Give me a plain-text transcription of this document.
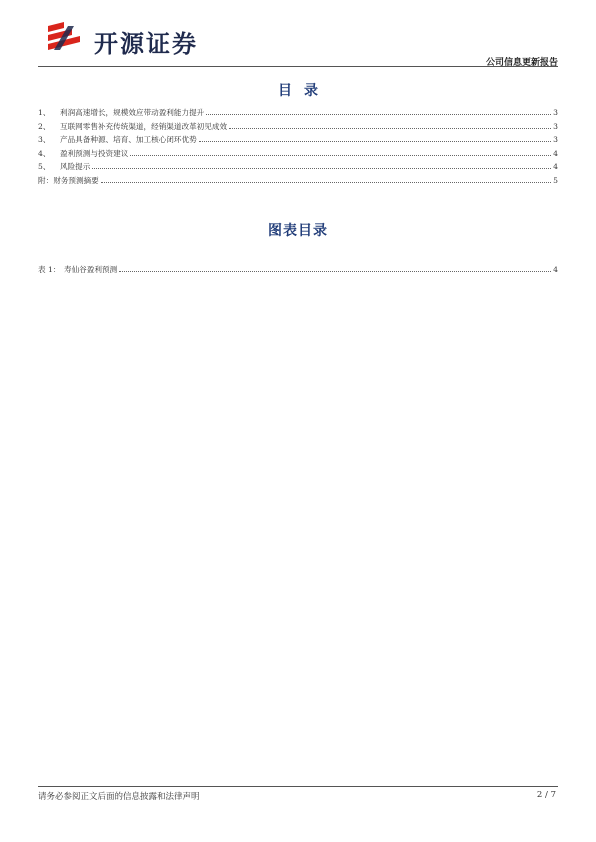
开源证券
公司信息更新报告
目录
1、	利润高速增长，规模效应带动盈利能力提升	3
2、	互联网零售补充传统渠道，经销渠道改革初见成效	3
3、	产品具备种源、培育、加工核心闭环优势	3
4、	盈利预测与投资建议	4
5、	风险提示	4
附： 财务预测摘要	5
图表目录
表 1： 寿仙谷盈利预测	4
请务必参阅正文后面的信息披露和法律声明	2 / 7
